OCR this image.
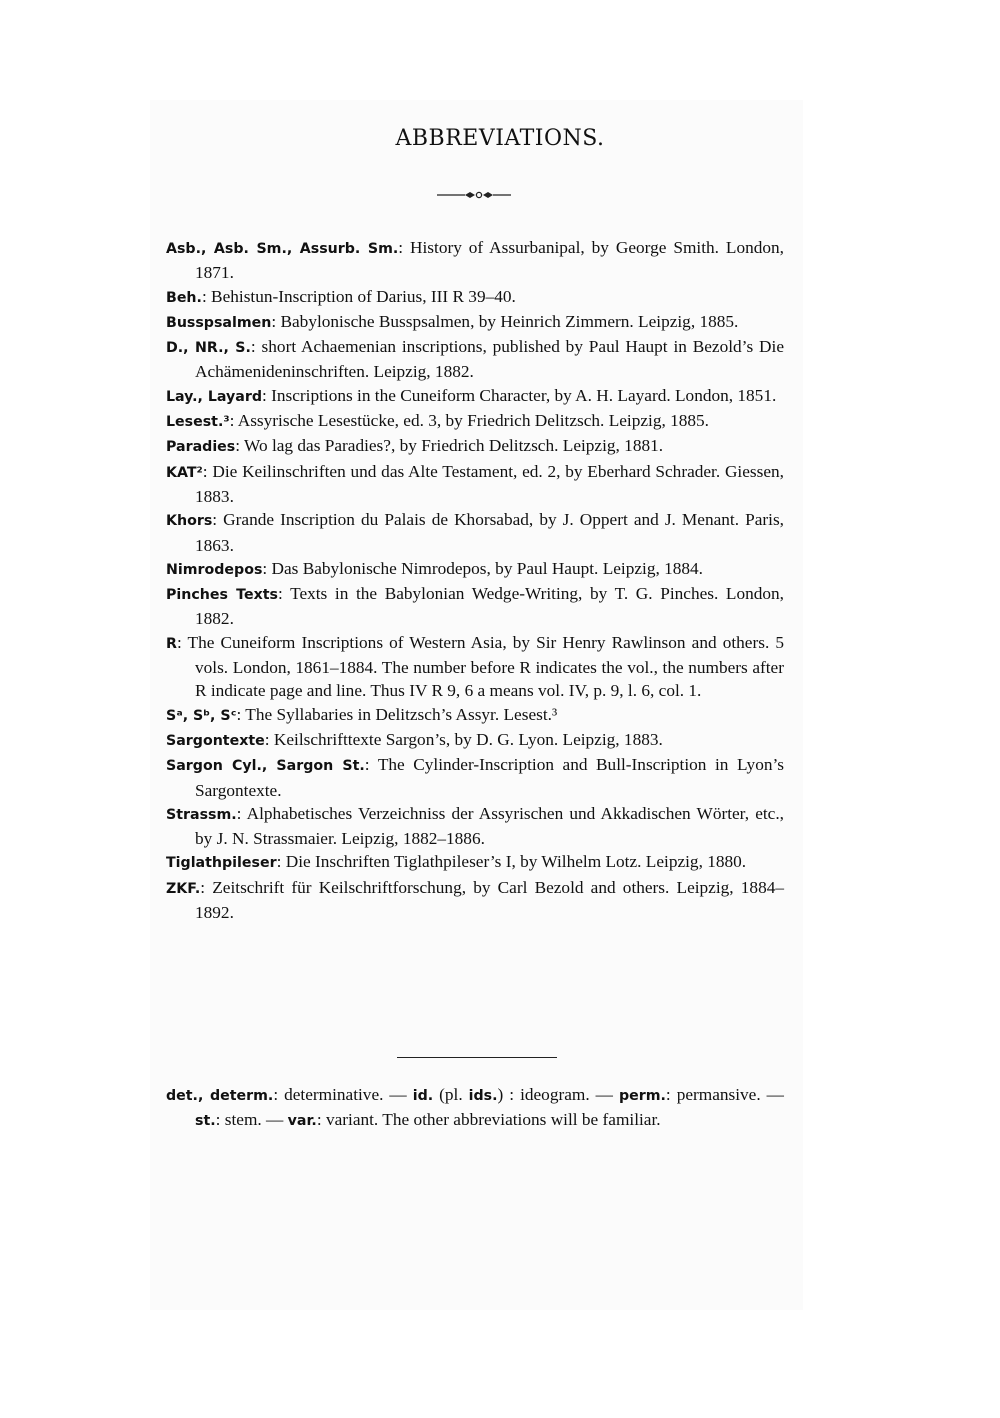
ABBREVIATIONS.
Asb., Asb. Sm., Assurb. Sm.: History of Assurbanipal, by George Smith. London, 1871.
Beh.: Behistun-Inscription of Darius, III R 39–40.
Busspsalmen: Babylonische Busspsalmen, by Heinrich Zimmern. Leipzig, 1885.
D., NR., S.: short Achaemenian inscriptions, published by Paul Haupt in Bezold’s Die Achämenideninschriften. Leipzig, 1882.
Lay., Layard: Inscriptions in the Cuneiform Character, by A. H. Layard. London, 1851.
Lesest.³: Assyrische Lesestücke, ed. 3, by Friedrich Delitzsch. Leipzig, 1885.
Paradies: Wo lag das Paradies?, by Friedrich Delitzsch. Leipzig, 1881.
KAT²: Die Keilinschriften und das Alte Testament, ed. 2, by Eberhard Schrader. Giessen, 1883.
Khors: Grande Inscription du Palais de Khorsabad, by J. Oppert and J. Menant. Paris, 1863.
Nimrodepos: Das Babylonische Nimrodepos, by Paul Haupt. Leipzig, 1884.
Pinches Texts: Texts in the Babylonian Wedge-Writing, by T. G. Pinches. London, 1882.
R: The Cuneiform Inscriptions of Western Asia, by Sir Henry Rawlinson and others. 5 vols. London, 1861–1884. The number before R indicates the vol., the numbers after R indicate page and line. Thus IV R 9, 6 a means vol. IV, p. 9, l. 6, col. 1.
Sᵃ, Sᵇ, Sᶜ: The Syllabaries in Delitzsch’s Assyr. Lesest.³
Sargontexte: Keilschrifttexte Sargon’s, by D. G. Lyon. Leipzig, 1883.
Sargon Cyl., Sargon St.: The Cylinder-Inscription and Bull-Inscription in Lyon’s Sargontexte.
Strassm.: Alphabetisches Verzeichniss der Assyrischen und Akkadischen Wörter, etc., by J. N. Strassmaier. Leipzig, 1882–1886.
Tiglathpileser: Die Inschriften Tiglathpileser’s I, by Wilhelm Lotz. Leipzig, 1880.
ZKF.: Zeitschrift für Keilschriftforschung, by Carl Bezold and others. Leipzig, 1884–1892.

det., determ.: determinative. — id. (pl. ids.) : ideogram. — perm.: permansive. — st.: stem. — var.: variant. The other abbreviations will be familiar.
